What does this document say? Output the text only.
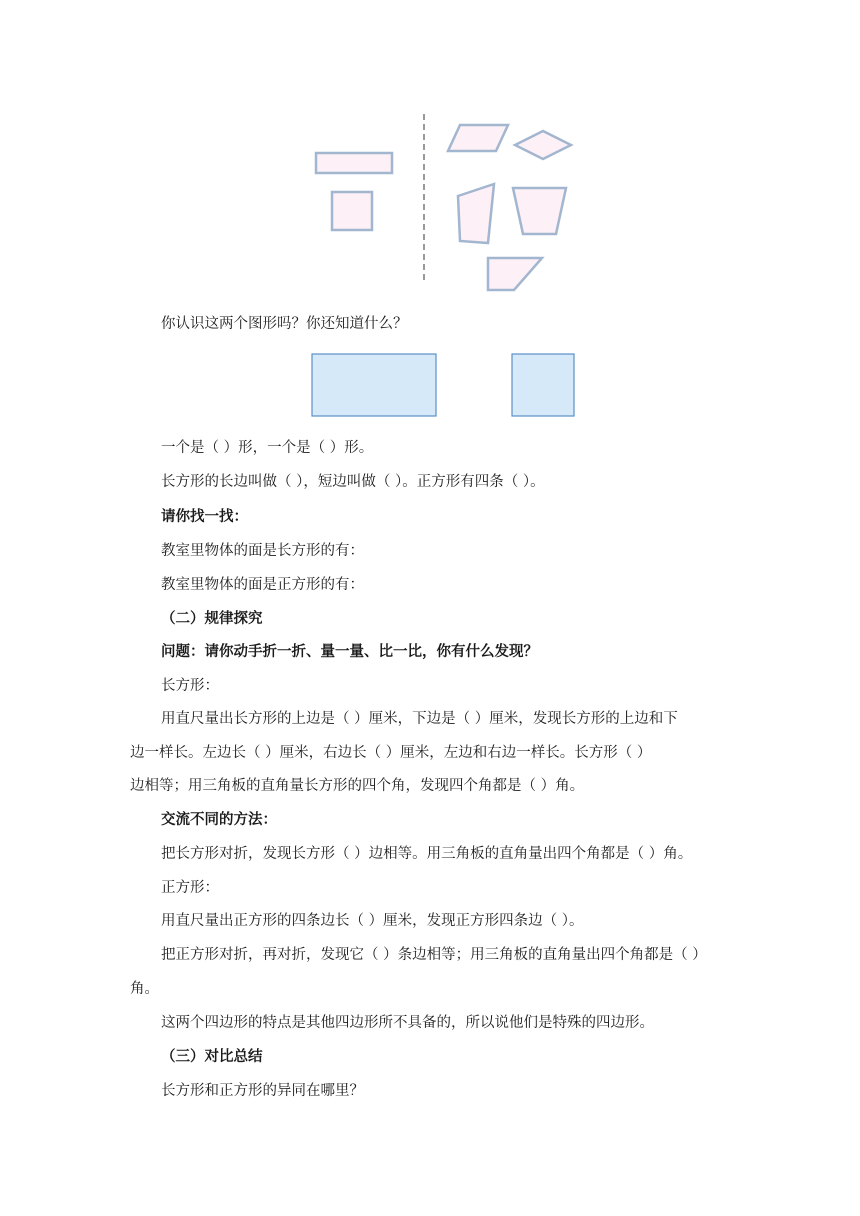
你认识这两个图形吗？你还知道什么？
一个是（ ）形，一个是（ ）形。
长方形的长边叫做（ ），短边叫做（ ）。正方形有四条（ ）。
请你找一找：
教室里物体的面是长方形的有：
教室里物体的面是正方形的有：
（二）规律探究
问题：请你动手折一折、量一量、比一比，你有什么发现？
长方形：
用直尺量出长方形的上边是（ ）厘米，下边是（ ）厘米，发现长方形的上边和下
边一样长。左边长（ ）厘米，右边长（ ）厘米，左边和右边一样长。长方形（ ）
边相等；用三角板的直角量长方形的四个角，发现四个角都是（ ）角。
交流不同的方法：
把长方形对折，发现长方形（ ）边相等。用三角板的直角量出四个角都是（ ）角。
正方形：
用直尺量出正方形的四条边长（ ）厘米，发现正方形四条边（ ）。
把正方形对折，再对折，发现它（ ）条边相等；用三角板的直角量出四个角都是（ ）
角。
这两个四边形的特点是其他四边形所不具备的，所以说他们是特殊的四边形。
（三）对比总结
长方形和正方形的异同在哪里？
